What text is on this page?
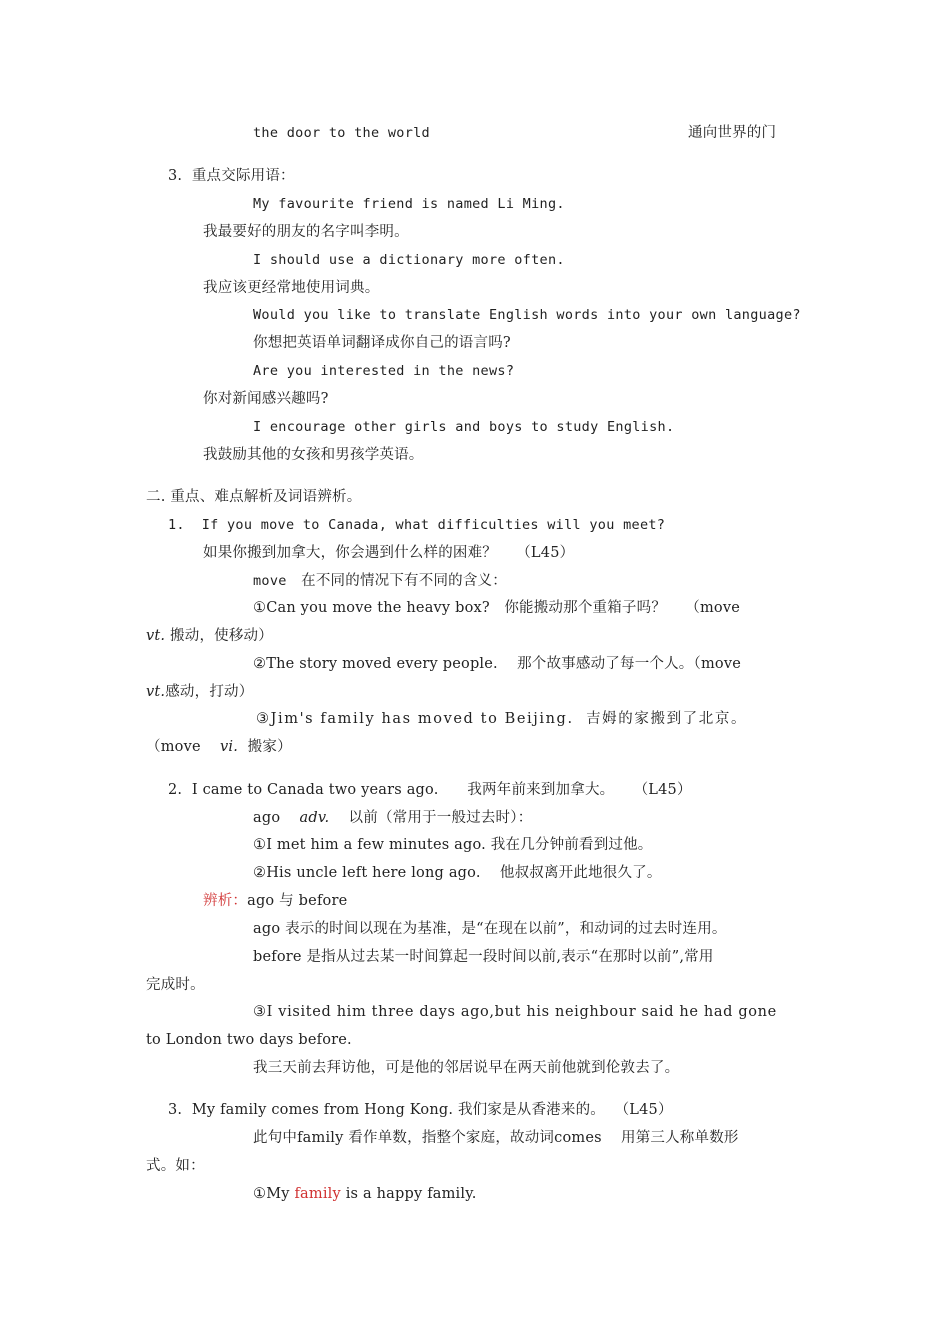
the door to the world	通向世界的门
3.  重点交际用语：
My favourite friend is named Li Ming.
我最要好的朋友的名字叫李明。
I should use a dictionary more often.
我应该更经常地使用词典。
Would you like to translate English words into your own language?
你想把英语单词翻译成你自己的语言吗?
Are you interested in the news?
你对新闻感兴趣吗?
I encourage other girls and boys to study English.
我鼓励其他的女孩和男孩学英语。
二. 重点、难点解析及词语辨析。
1.  If you move to Canada, what difficulties will you meet?
如果你搬到加拿大，你会遇到什么样的困难？    （L45）
move   在不同的情况下有不同的含义：
①Can you move the heavy box?   你能搬动那个重箱子吗？    （move
vt. 搬动，使移动）
②The story moved every people.    那个故事感动了每一个人。（move
vt.感动，打动）
③Jim's family has moved to Beijing.  吉姆的家搬到了北京。
（move    vi.  搬家）
2.  I came to Canada two years ago.      我两年前来到加拿大。    （L45）
ago    adv.    以前（常用于一般过去时）：
①I met him a few minutes ago. 我在几分钟前看到过他。
②His uncle left here long ago.    他叔叔离开此地很久了。
辨析：ago 与 before
ago 表示的时间以现在为基准，是“在现在以前”，和动词的过去时连用。
before 是指从过去某一时间算起一段时间以前,表示“在那时以前”,常用
完成时。
③I visited him three days ago,but his neighbour said he had gone
to London two days before.
我三天前去拜访他，可是他的邻居说早在两天前他就到伦敦去了。
3.  My family comes from Hong Kong. 我们家是从香港来的。  （L45）
此句中family 看作单数，指整个家庭，故动词comes    用第三人称单数形
式。如：
①My family is a happy family.
